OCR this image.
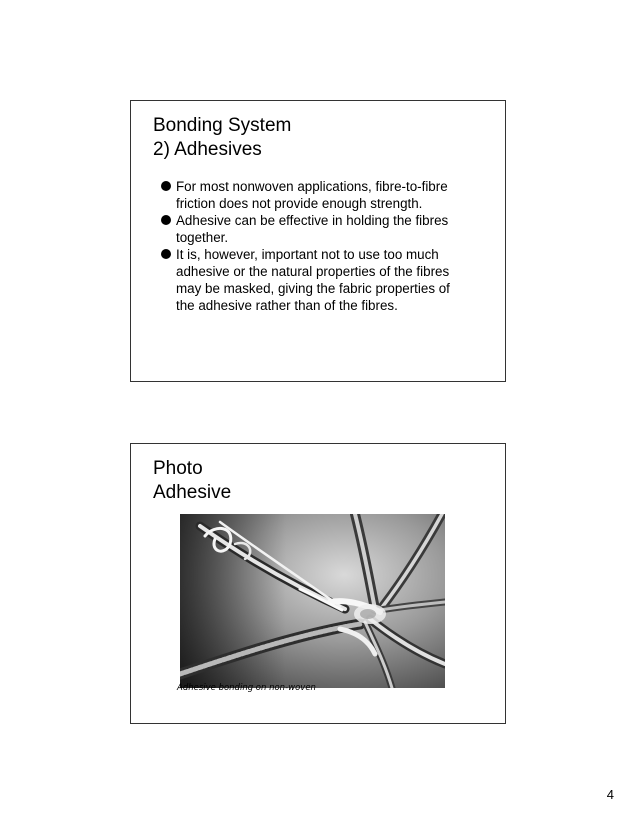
Bonding System
2) Adhesives
For most nonwoven applications, fibre-to-fibre friction does not provide enough strength.
Adhesive can be effective in holding the fibres together.
It is, however, important not to use too much adhesive or the natural properties of the fibres may be masked, giving the fabric properties of the adhesive rather than of the fibres.
Photo
Adhesive
Adhesive bonding on non-woven
4
